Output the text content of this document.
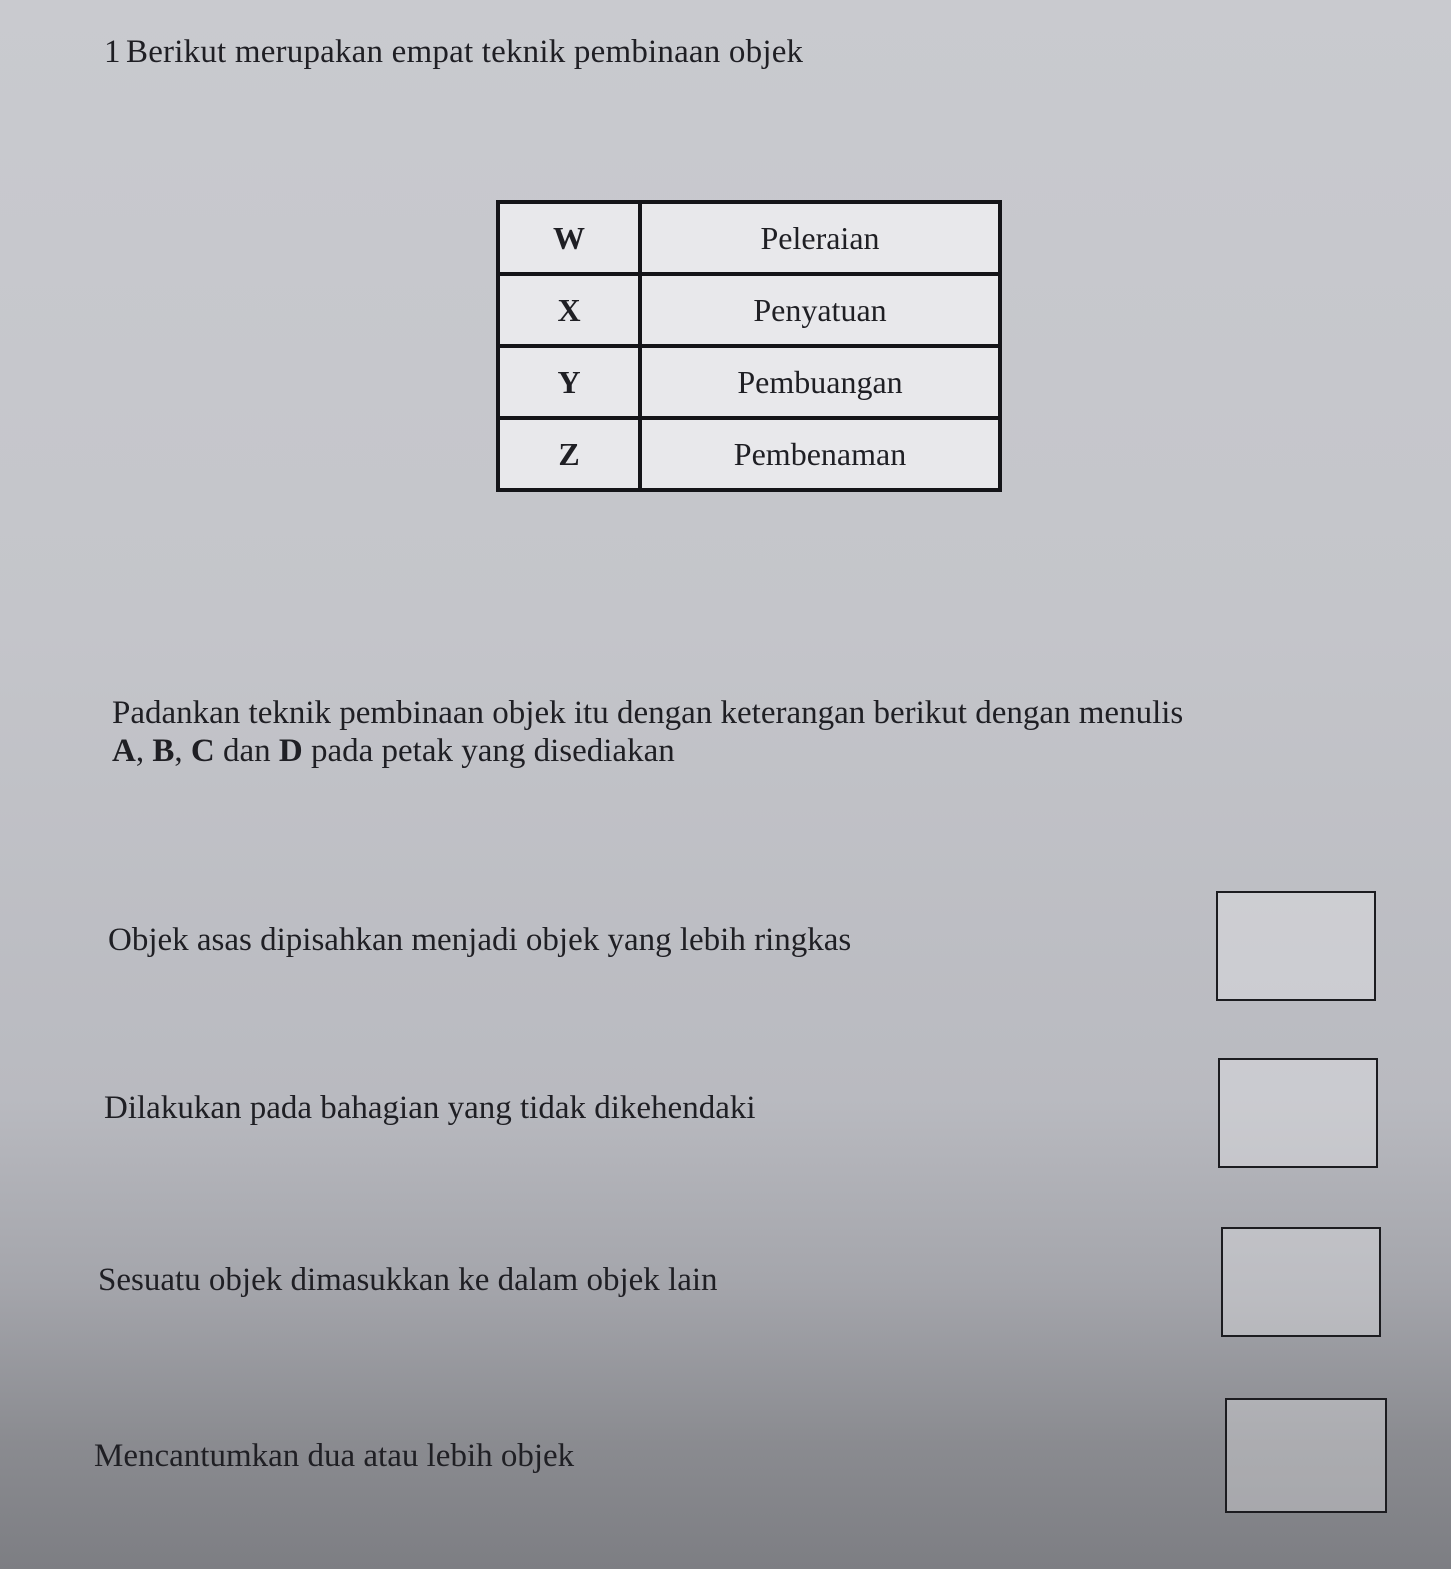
1 Berikut merupakan empat teknik pembinaan objek
W	Peleraian
X	Penyatuan
Y	Pembuangan
Z	Pembenaman
Padankan teknik pembinaan objek itu dengan keterangan berikut dengan menulis
A, B, C dan D pada petak yang disediakan
Objek asas dipisahkan menjadi objek yang lebih ringkas
Dilakukan pada bahagian yang tidak dikehendaki
Sesuatu objek dimasukkan ke dalam objek lain
Mencantumkan dua atau lebih objek
